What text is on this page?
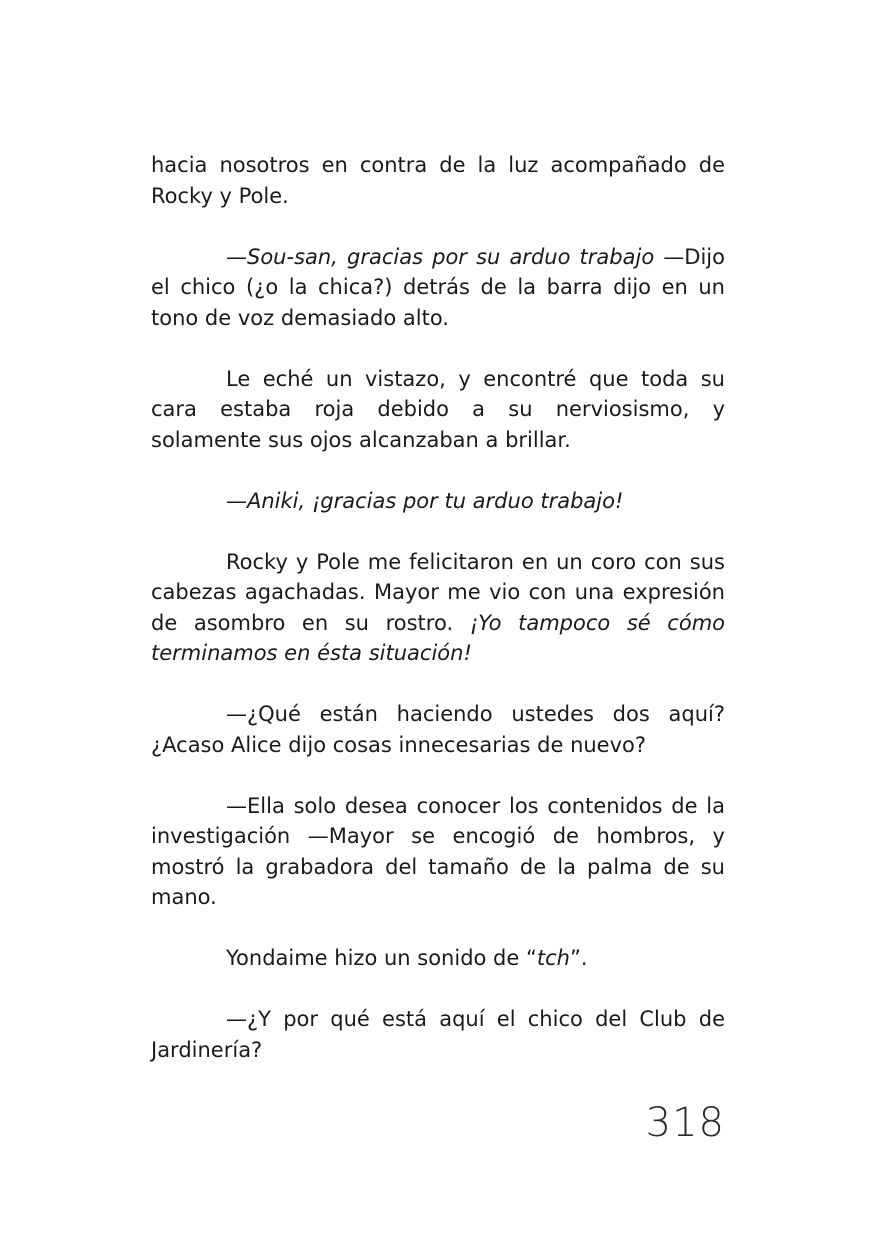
hacia nosotros en contra de la luz acompañado de Rocky y Pole.

—Sou-san, gracias por su arduo trabajo —Dijo el chico (¿o la chica?) detrás de la barra dijo en un tono de voz demasiado alto.

Le eché un vistazo, y encontré que toda su cara estaba roja debido a su nerviosismo, y solamente sus ojos alcanzaban a brillar.

—Aniki, ¡gracias por tu arduo trabajo!

Rocky y Pole me felicitaron en un coro con sus cabezas agachadas. Mayor me vio con una expresión de asombro en su rostro. ¡Yo tampoco sé cómo terminamos en ésta situación!

—¿Qué están haciendo ustedes dos aquí? ¿Acaso Alice dijo cosas innecesarias de nuevo?

—Ella solo desea conocer los contenidos de la investigación —Mayor se encogió de hombros, y mostró la grabadora del tamaño de la palma de su mano.

Yondaime hizo un sonido de “tch”.

—¿Y por qué está aquí el chico del Club de Jardinería?

318
